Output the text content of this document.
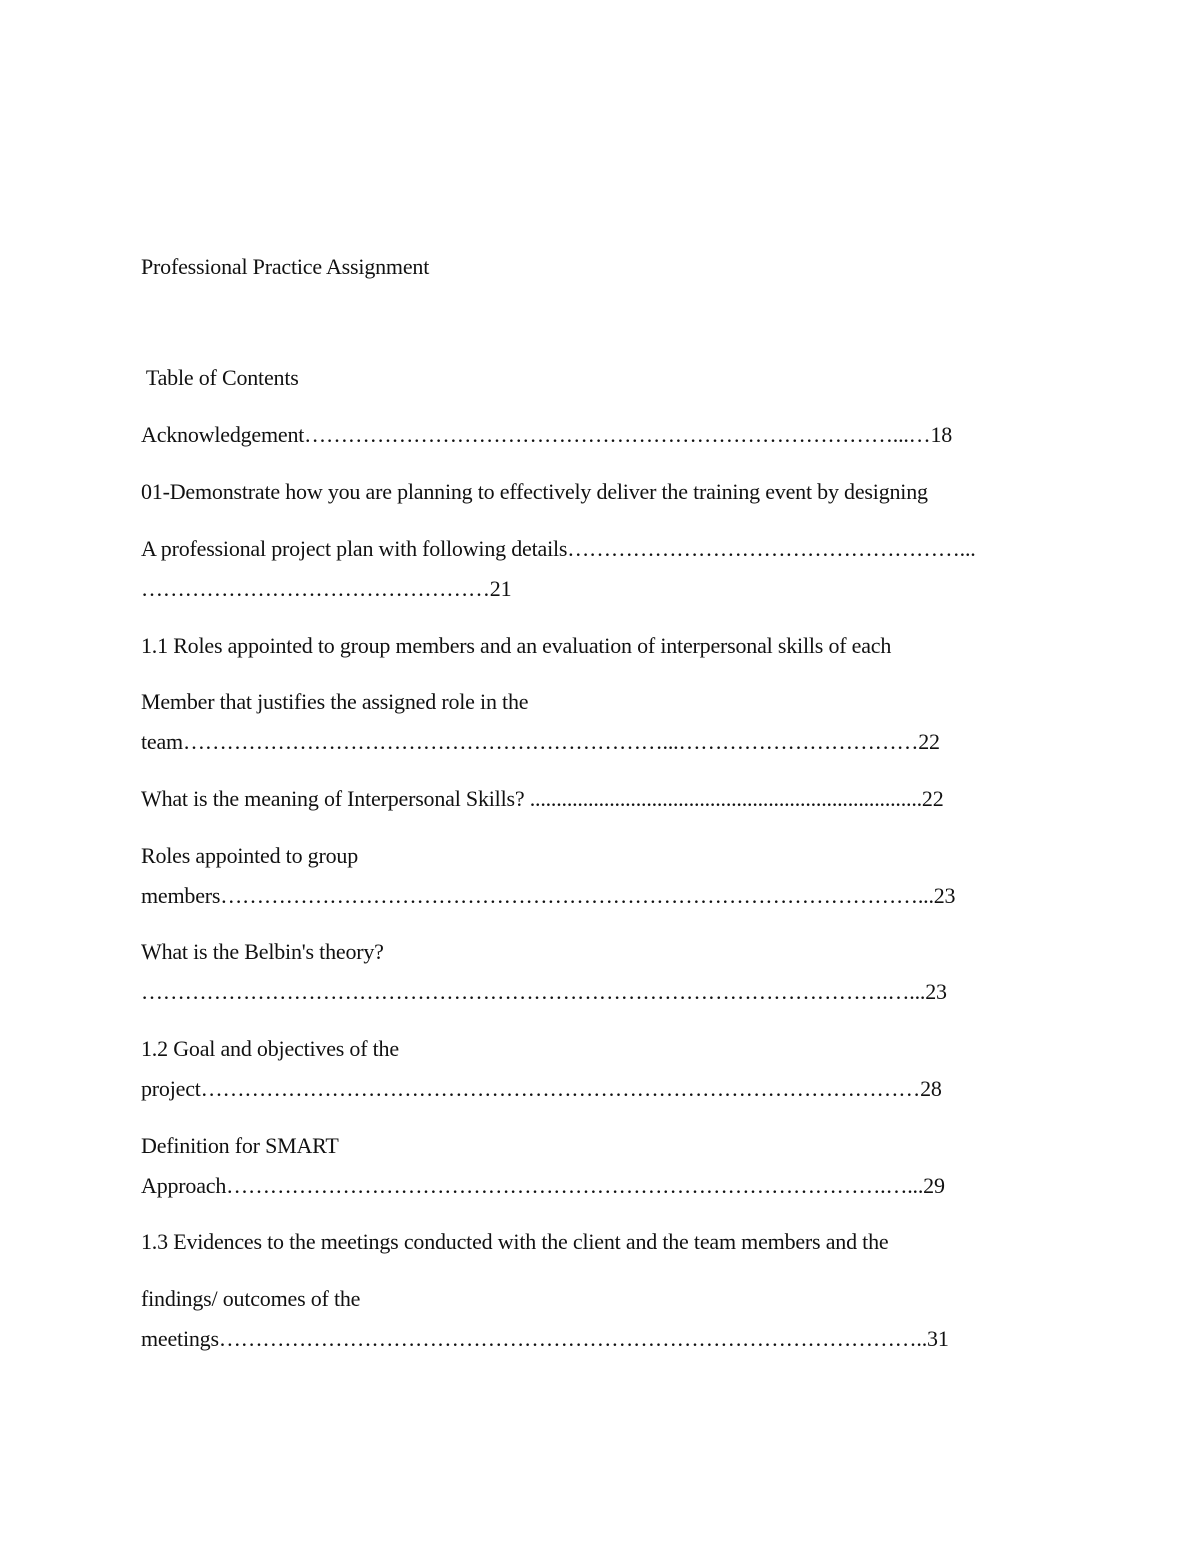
Professional Practice Assignment
Table of Contents
Acknowledgement………………………………………………………………………...…18
01-Demonstrate how you are planning to effectively deliver the training event by designing
A professional project plan with following details………………………………………………...
…………………………………………21
1.1 Roles appointed to group members and an evaluation of interpersonal skills of each
Member that justifies the assigned role in the
team…………………………………………………………...……………………………22
What is the meaning of Interpersonal Skills? ..........................................................................22
Roles appointed to group
members……………………………………………………………………………………...23
What is the Belbin's theory?
………………………………………………………………………………………….…...23
1.2 Goal and objectives of the
project………………………………………………………………………………………28
Definition for SMART
Approach……………………………………………………………………………….…...29
1.3 Evidences to the meetings conducted with the client and the team members and the
findings/ outcomes of the
meetings……………………………………………………………………………………..31
